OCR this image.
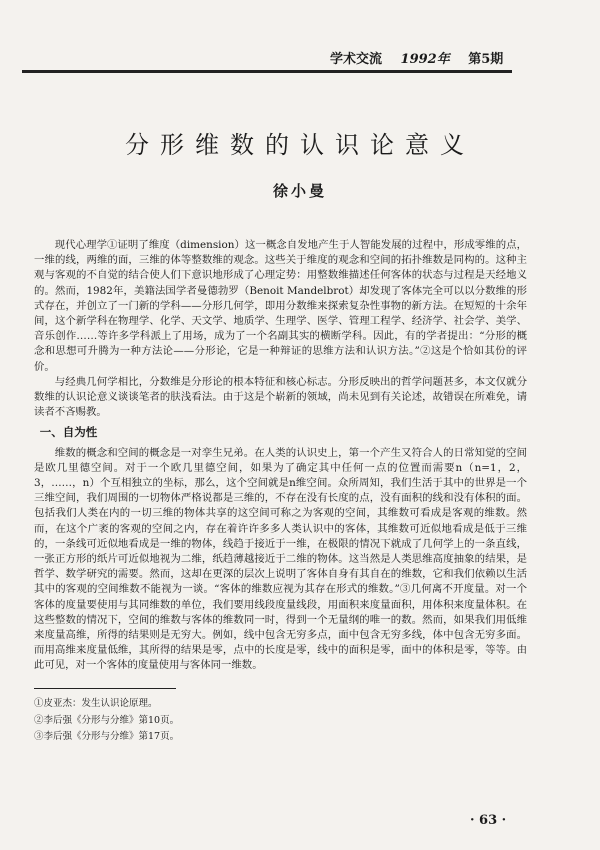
学术交流 1992年 第5期
分形维数的认识论意义
徐小曼

现代心理学①证明了维度（dimension）这一概念自发地产生于人智能发展的过程中，形成零维的点，一维的线，两维的面，三维的体等整数维的观念。这些关于维度的观念和空间的拓扑维数是同构的。这种主观与客观的不自觉的结合使人们下意识地形成了心理定势：用整数维描述任何客体的状态与过程是天经地义的。然而，1982年，美籍法国学者曼德勃罗（Benoit Mandelbrot）却发现了客体完全可以以分数维的形式存在，并创立了一门新的学科——分形几何学，即用分数维来探索复杂性事物的新方法。在短短的十余年间，这个新学科在物理学、化学、天文学、地质学、生理学、医学、管理工程学、经济学、社会学、美学、音乐创作……等许多学科派上了用场，成为了一个名副其实的横断学科。因此，有的学者提出：“分形的概念和思想可升腾为一种方法论——分形论，它是一种辩证的思维方法和认识方法。”②这是个恰如其份的评价。

与经典几何学相比，分数维是分形论的根本特征和核心标志。分形反映出的哲学问题甚多，本文仅就分数维的认识论意义谈谈笔者的肤浅看法。由于这是个崭新的领域，尚未见到有关论述，故错误在所难免，请读者不吝赐教。

一、自为性

维数的概念和空间的概念是一对孪生兄弟。在人类的认识史上，第一个产生又符合人的日常知觉的空间是欧几里德空间。对于一个欧几里德空间，如果为了确定其中任何一点的位置而需要n（n=1，2，3，……，n）个互相独立的坐标，那么，这个空间就是n维空间。众所周知，我们生活于其中的世界是一个三维空间，我们周围的一切物体严格说都是三维的，不存在没有长度的点，没有面积的线和没有体积的面。包括我们人类在内的一切三维的物体共享的这空间可称之为客观的空间，其维数可看成是客观的维数。然而，在这个广袤的客观的空间之内，存在着许许多多人类认识中的客体，其维数可近似地看成是低于三维的，一条线可近似地看成是一维的物体，线趋于接近于一维，在极限的情况下就成了几何学上的一条直线，一张正方形的纸片可近似地视为二维，纸趋薄越接近于二维的物体。这当然是人类思维高度抽象的结果，是哲学、数学研究的需要。然而，这却在更深的层次上说明了客体自身有其自在的维数，它和我们依赖以生活其中的客观的空间维数不能视为一谈。“客体的维数应视为其存在形式的维数。”③几何离不开度量。对一个客体的度量要使用与其同维数的单位，我们要用线段度量线段，用面积来度量面积，用体积来度量体积。在这些整数的情况下，空间的维数与客体的维数同一时，得到一个无量纲的唯一的数。然而，如果我们用低维来度量高维，所得的结果则是无穷大。例如，线中包含无穷多点，面中包含无穷多线，体中包含无穷多面。而用高维来度量低维，其所得的结果是零，点中的长度是零，线中的面积是零，面中的体积是零，等等。由此可见，对一个客体的度量使用与客体同一维数。

①皮亚杰：发生认识论原理。
②李后强《分形与分维》第10页。
③李后强《分形与分维》第17页。
· 63 ·
